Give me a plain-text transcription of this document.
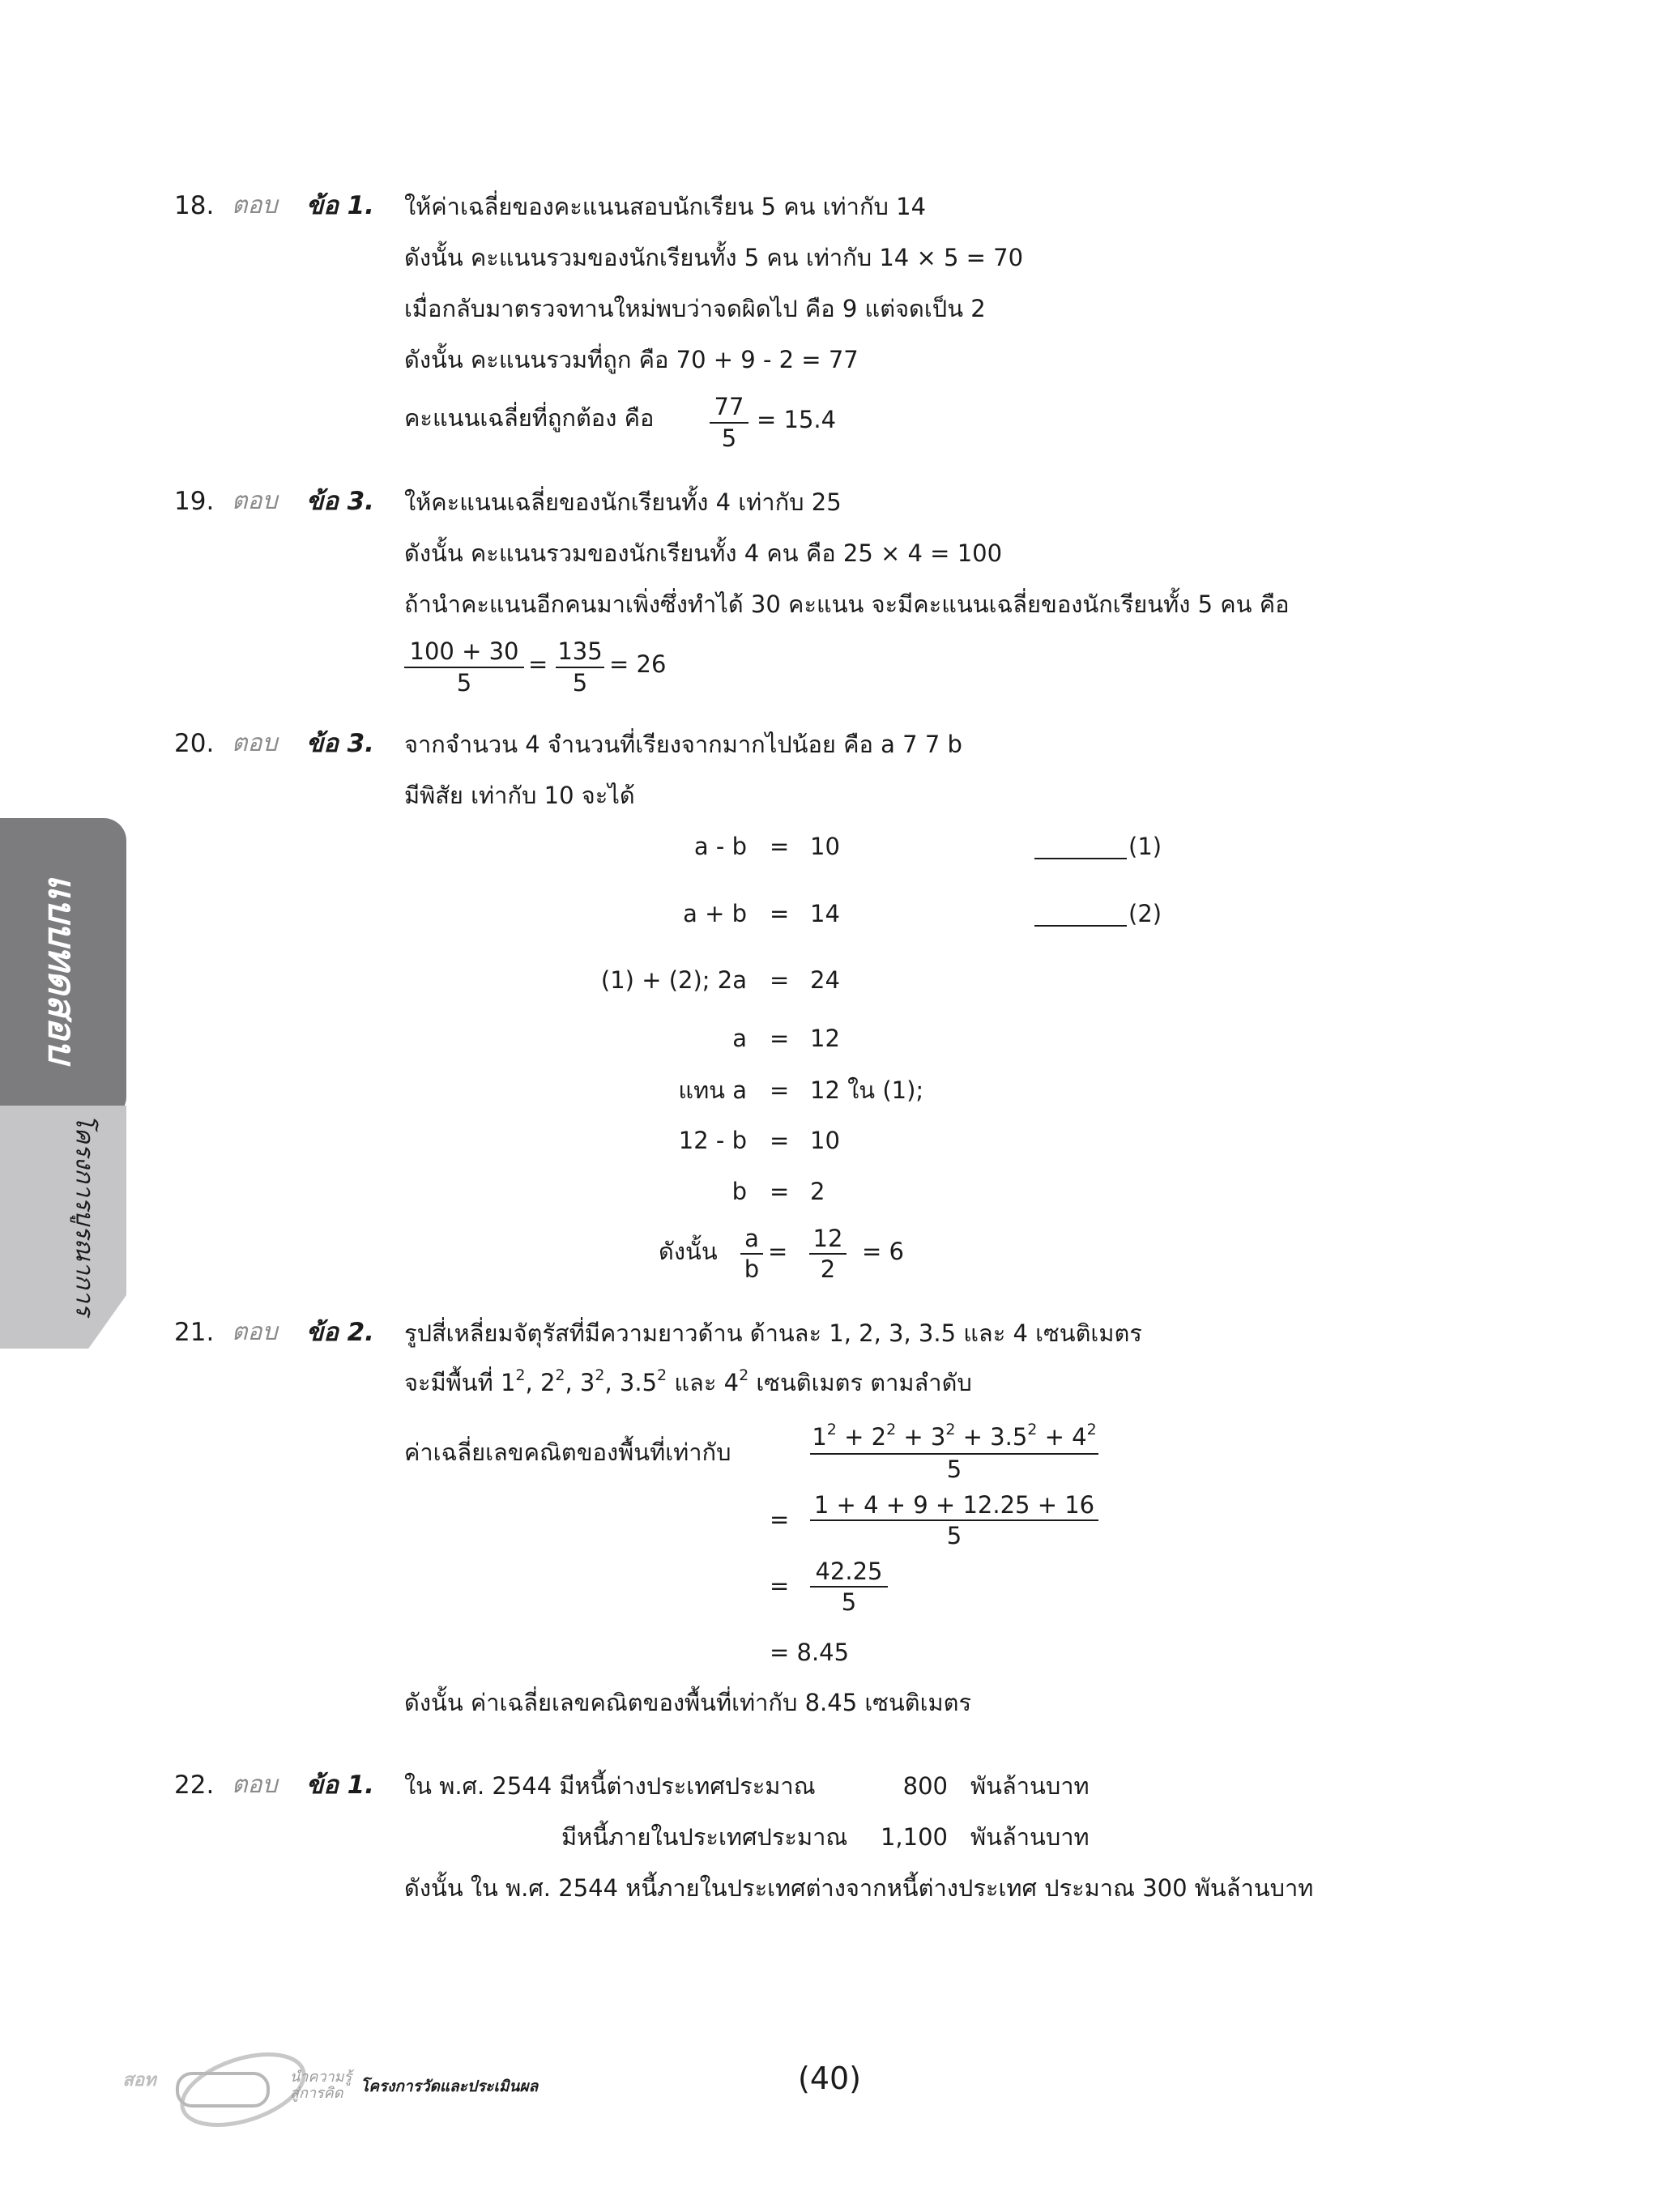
แบบทดสอบ
โครงการบูรณาการ
18. ตอบ ข้อ 1. ให้ค่าเฉลี่ยของคะแนนสอบนักเรียน 5 คน เท่ากับ 14
ดังนั้น คะแนนรวมของนักเรียนทั้ง 5 คน เท่ากับ 14 × 5 = 70
เมื่อกลับมาตรวจทานใหม่พบว่าจดผิดไป คือ 9 แต่จดเป็น 2
ดังนั้น คะแนนรวมที่ถูก คือ 70 + 9 - 2 = 77
คะแนนเฉลี่ยที่ถูกต้อง คือ	77
5
= 15.4
19. ตอบ ข้อ 3. ให้คะแนนเฉลี่ยของนักเรียนทั้ง 4 เท่ากับ 25
ดังนั้น คะแนนรวมของนักเรียนทั้ง 4 คน คือ 25 × 4 = 100
ถ้านำคะแนนอีกคนมาเพิ่งซึ่งทำได้ 30 คะแนน จะมีคะแนนเฉลี่ยของนักเรียนทั้ง 5 คน คือ
100 + 30
5
= 135
5
= 26
20. ตอบ ข้อ 3. จากจำนวน 4 จำนวนที่เรียงจากมากไปน้อย คือ a 7 7 b
มีพิสัย เท่ากับ 10 จะได้
a - b = 10	(1)
a + b = 14	(2)
(1) + (2); 2a = 24
a = 12
แทน a = 12 ใน (1);
12 - b = 10
b = 2
ดังนั้น a
b
= 12
2
= 6
21. ตอบ ข้อ 2. รูปสี่เหลี่ยมจัตุรัสที่มีความยาวด้าน ด้านละ 1, 2, 3, 3.5 และ 4 เซนติเมตร
จะมีพื้นที่ $1^2$, $2^2$, $3^2$, $3.5^2$ และ $4^2$ เซนติเมตร ตามลำดับ
ค่าเฉลี่ยเลขคณิตของพื้นที่เท่ากับ
$1^2 + 2^2 + 3^2 + 3.5^2 + 4^2$
5
=
1 + 4 + 9 + 12.25 + 16
5
=
42.25
5
= 8.45
ดังนั้น ค่าเฉลี่ยเลขคณิตของพื้นที่เท่ากับ 8.45 เซนติเมตร
22. ตอบ ข้อ 1. ใน พ.ศ. 2544 มีหนี้ต่างประเทศประมาณ	800 พันล้านบาท
มีหนี้ภายในประเทศประมาณ 1,100 พันล้านบาท
ดังนั้น ใน พ.ศ. 2544 หนี้ภายในประเทศต่างจากหนี้ต่างประเทศ ประมาณ 300 พันล้านบาท
สอท	นำความรู้
สู่การคิด	โครงการวัดและประเมินผล	(40)
